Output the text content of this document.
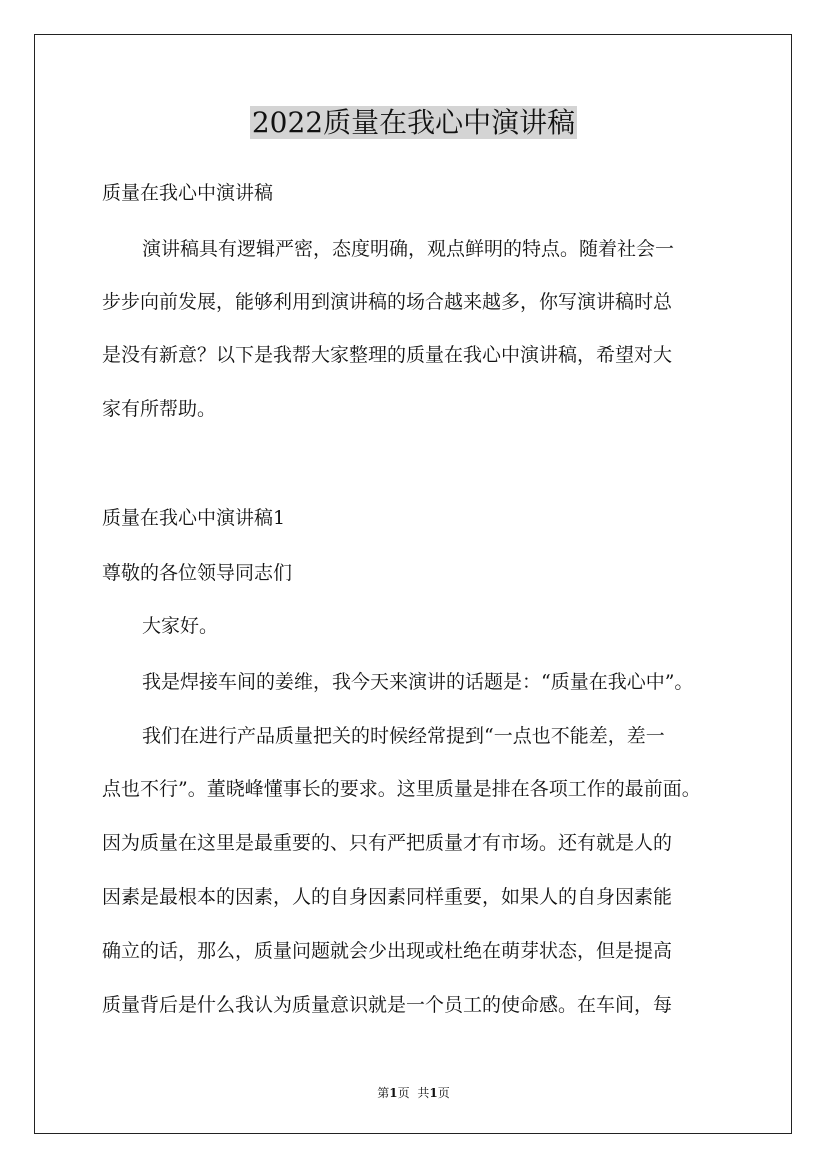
2022质量在我心中演讲稿
质量在我心中演讲稿
演讲稿具有逻辑严密，态度明确，观点鲜明的特点。随着社会一
步步向前发展，能够利用到演讲稿的场合越来越多，你写演讲稿时总
是没有新意？以下是我帮大家整理的质量在我心中演讲稿，希望对大
家有所帮助。
质量在我心中演讲稿1
尊敬的各位领导同志们
大家好。
我是焊接车间的姜维，我今天来演讲的话题是：“质量在我心中”。
我们在进行产品质量把关的时候经常提到“一点也不能差，差一
点也不行”。董晓峰懂事长的要求。这里质量是排在各项工作的最前面。
因为质量在这里是最重要的、只有严把质量才有市场。还有就是人的
因素是最根本的因素，人的自身因素同样重要，如果人的自身因素能
确立的话，那么，质量问题就会少出现或杜绝在萌芽状态，但是提高
质量背后是什么我认为质量意识就是一个员工的使命感。在车间，每
第1页 共1页
